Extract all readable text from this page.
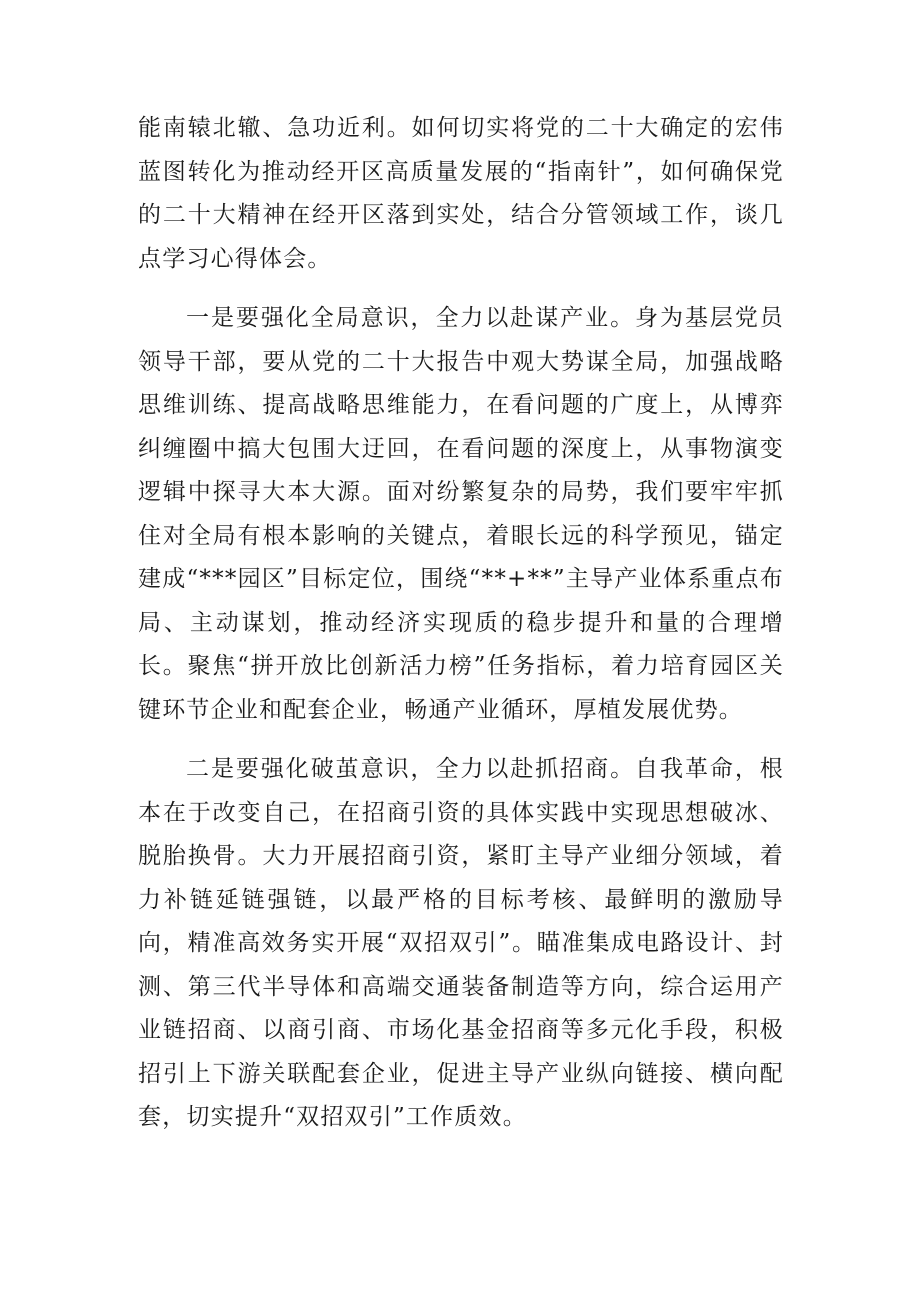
能南辕北辙、急功近利。如何切实将党的二十大确定的宏伟蓝图转化为推动经开区高质量发展的“指南针”，如何确保党的二十大精神在经开区落到实处，结合分管领域工作，谈几点学习心得体会。

一是要强化全局意识，全力以赴谋产业。身为基层党员领导干部，要从党的二十大报告中观大势谋全局，加强战略思维训练、提高战略思维能力，在看问题的广度上，从博弈纠缠圈中搞大包围大迂回，在看问题的深度上，从事物演变逻辑中探寻大本大源。面对纷繁复杂的局势，我们要牢牢抓住对全局有根本影响的关键点，着眼长远的科学预见，锚定建成“***园区”目标定位，围绕“**+**”主导产业体系重点布局、主动谋划，推动经济实现质的稳步提升和量的合理增长。聚焦“拼开放比创新活力榜”任务指标，着力培育园区关键环节企业和配套企业，畅通产业循环，厚植发展优势。

二是要强化破茧意识，全力以赴抓招商。自我革命，根本在于改变自己，在招商引资的具体实践中实现思想破冰、脱胎换骨。大力开展招商引资，紧盯主导产业细分领域，着力补链延链强链，以最严格的目标考核、最鲜明的激励导向，精准高效务实开展“双招双引”。瞄准集成电路设计、封测、第三代半导体和高端交通装备制造等方向，综合运用产业链招商、以商引商、市场化基金招商等多元化手段，积极招引上下游关联配套企业，促进主导产业纵向链接、横向配套，切实提升“双招双引”工作质效。
